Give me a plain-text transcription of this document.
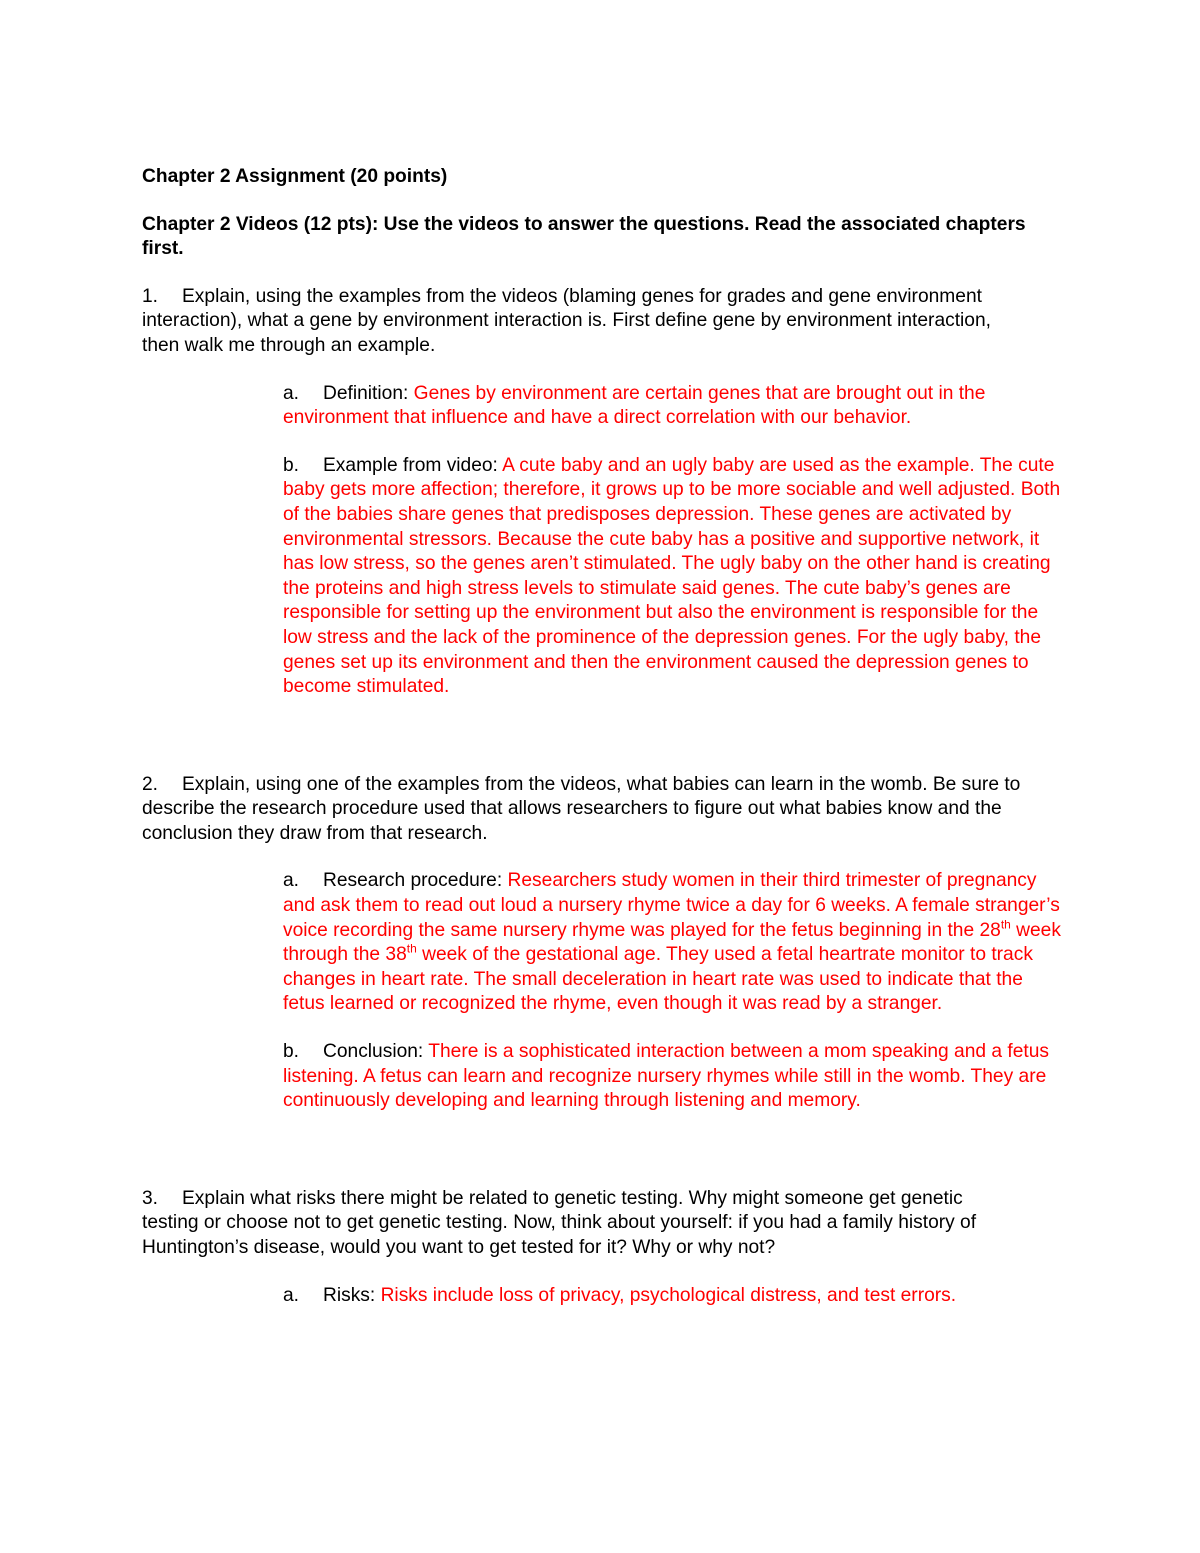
Chapter 2 Assignment (20 points)

Chapter 2 Videos (12 pts): Use the videos to answer the questions. Read the associated chapters first.

1. Explain, using the examples from the videos (blaming genes for grades and gene environment interaction), what a gene by environment interaction is. First define gene by environment interaction, then walk me through an example.

a. Definition: Genes by environment are certain genes that are brought out in the environment that influence and have a direct correlation with our behavior.

b. Example from video: A cute baby and an ugly baby are used as the example. The cute baby gets more affection; therefore, it grows up to be more sociable and well adjusted. Both of the babies share genes that predisposes depression. These genes are activated by environmental stressors. Because the cute baby has a positive and supportive network, it has low stress, so the genes aren’t stimulated. The ugly baby on the other hand is creating the proteins and high stress levels to stimulate said genes. The cute baby’s genes are responsible for setting up the environment but also the environment is responsible for the low stress and the lack of the prominence of the depression genes. For the ugly baby, the genes set up its environment and then the environment caused the depression genes to become stimulated.

2. Explain, using one of the examples from the videos, what babies can learn in the womb. Be sure to describe the research procedure used that allows researchers to figure out what babies know and the conclusion they draw from that research.

a. Research procedure: Researchers study women in their third trimester of pregnancy and ask them to read out loud a nursery rhyme twice a day for 6 weeks. A female stranger’s voice recording the same nursery rhyme was played for the fetus beginning in the 28th week through the 38th week of the gestational age. They used a fetal heartrate monitor to track changes in heart rate. The small deceleration in heart rate was used to indicate that the fetus learned or recognized the rhyme, even though it was read by a stranger.

b. Conclusion: There is a sophisticated interaction between a mom speaking and a fetus listening. A fetus can learn and recognize nursery rhymes while still in the womb. They are continuously developing and learning through listening and memory.

3. Explain what risks there might be related to genetic testing. Why might someone get genetic testing or choose not to get genetic testing. Now, think about yourself: if you had a family history of Huntington’s disease, would you want to get tested for it? Why or why not?

a. Risks: Risks include loss of privacy, psychological distress, and test errors.
